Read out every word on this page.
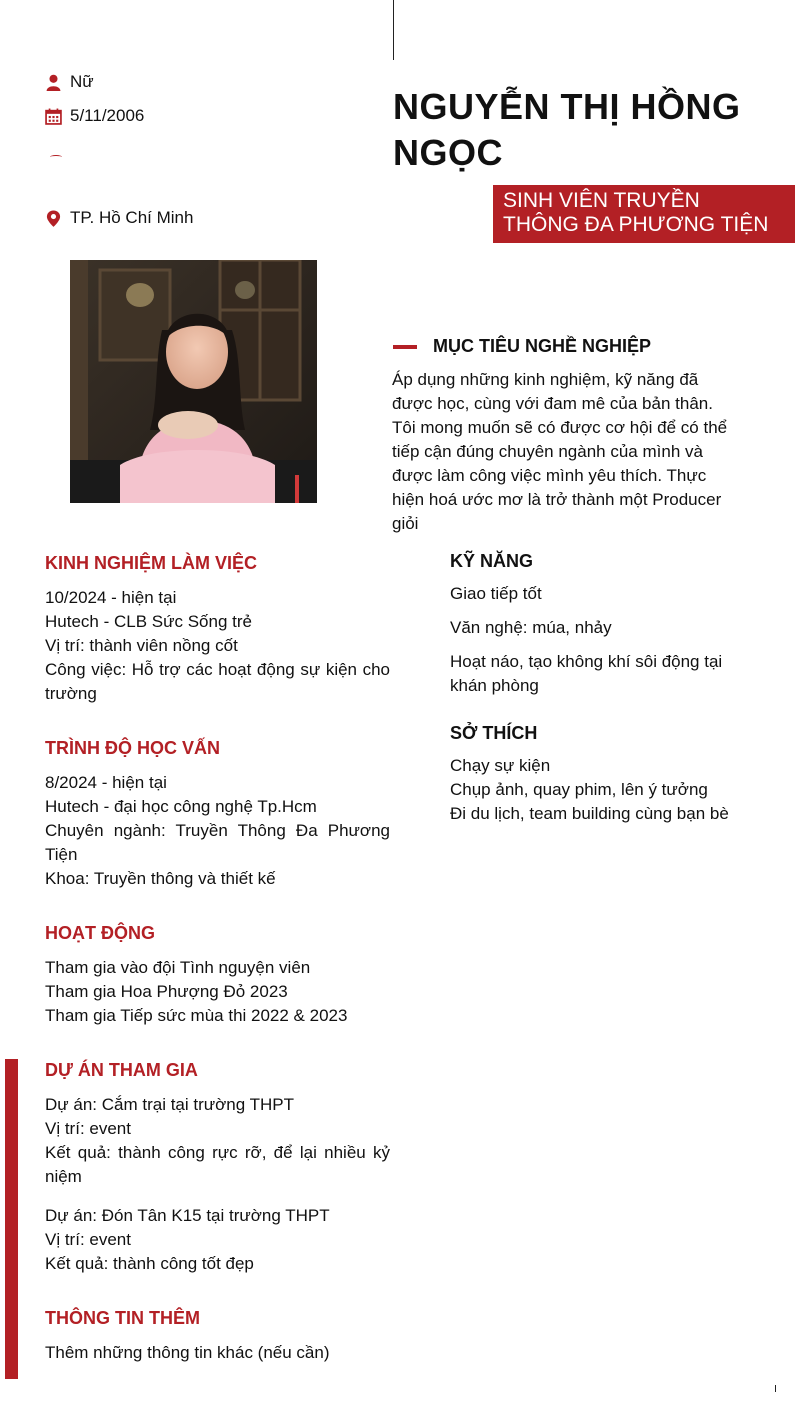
Nữ
5/11/2006
TP. Hồ Chí Minh
NGUYỄN THỊ HỒNG
NGỌC
SINH VIÊN TRUYỀN
THÔNG ĐA PHƯƠNG TIỆN
MỤC TIÊU NGHỀ NGHIỆP

Áp dụng những kinh nghiệm, kỹ năng đã được học, cùng với đam mê của bản thân. Tôi mong muốn sẽ có được cơ hội để có thể tiếp cận đúng chuyên ngành của mình và được làm công việc mình yêu thích. Thực hiện hoá ước mơ là trở thành một Producer giỏi

KINH NGHIỆM LÀM VIỆC

10/2024 - hiện tại

Hutech - CLB Sức Sống trẻ

Vị trí: thành viên nồng cốt

Công việc: Hỗ trợ các hoạt động sự kiện cho trường

TRÌNH ĐỘ HỌC VẤN

8/2024 - hiện tại

Hutech - đại học công nghệ Tp.Hcm

Chuyên ngành: Truyền Thông Đa Phương Tiện

Khoa: Truyền thông và thiết kế

HOẠT ĐỘNG

Tham gia vào đội Tình nguyện viên

Tham gia Hoa Phượng Đỏ 2023

Tham gia Tiếp sức mùa thi 2022 & 2023

DỰ ÁN THAM GIA

Dự án: Cắm trại tại trường THPT

Vị trí: event

Kết quả: thành công rực rỡ, để lại nhiều kỷ niệm

Dự án: Đón Tân K15 tại trường THPT

Vị trí: event

Kết quả: thành công tốt đẹp

THÔNG TIN THÊM

Thêm những thông tin khác (nếu cần)

KỸ NĂNG

Giao tiếp tốt

Văn nghệ: múa, nhảy

Hoạt náo, tạo không khí sôi động tại khán phòng

SỞ THÍCH

Chạy sự kiện

Chụp ảnh, quay phim, lên ý tưởng

Đi du lịch, team building cùng bạn bè
